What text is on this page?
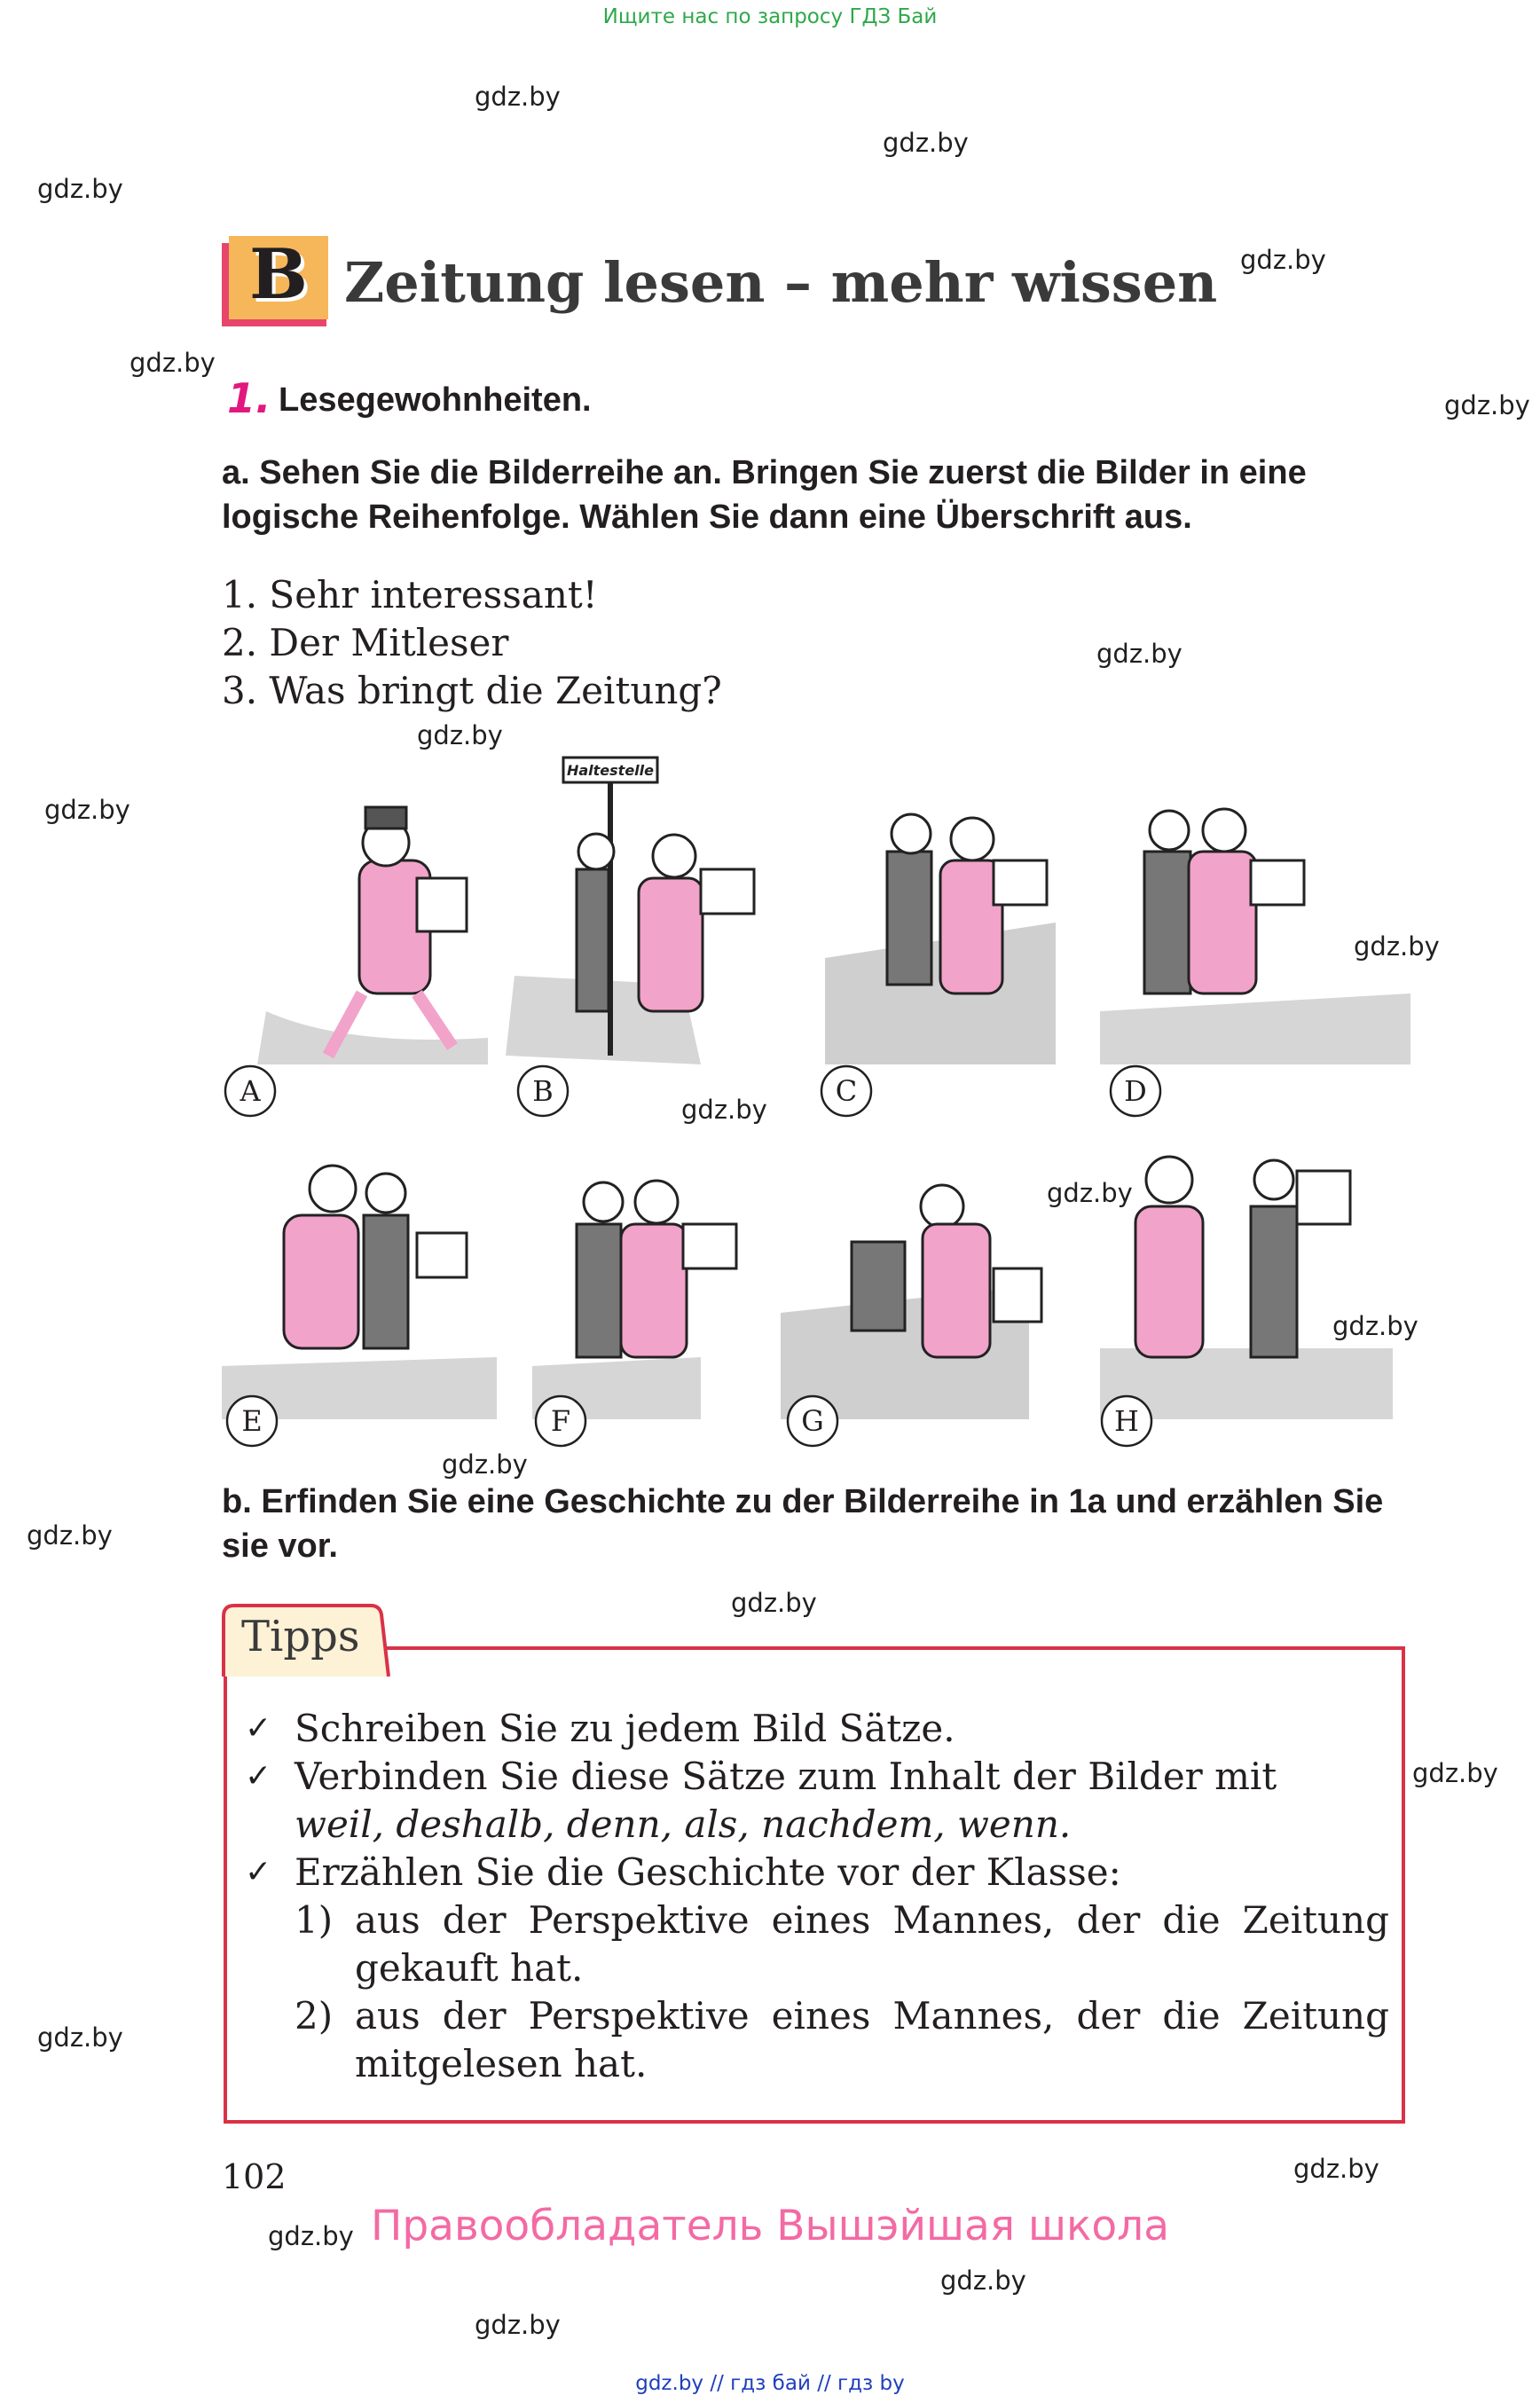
Ищите нас по запросу ГДЗ Бай
gdz.by
gdz.by
gdz.by
gdz.by
gdz.by
gdz.by
gdz.by
gdz.by
gdz.by
gdz.by
gdz.by
gdz.by
gdz.by
gdz.by
gdz.by
gdz.by
gdz.by
gdz.by
gdz.by
gdz.by
gdz.by
gdz.by
B Zeitung lesen – mehr wissen
1. Lesegewohnheiten.
a. Sehen Sie die Bilderreihe an. Bringen Sie zuerst die Bilder in eine logische Reihenfolge. Wählen Sie dann eine Überschrift aus.
1. Sehr interessant!
2. Der Mitleser
3. Was bringt die Zeitung?
Haltestelle
A	B	C	D
E	F	G	H
b. Erfinden Sie eine Geschichte zu der Bilderreihe in 1a und erzählen Sie sie vor.
Tipps
✓ Schreiben Sie zu jedem Bild Sätze.
✓ Verbinden Sie diese Sätze zum Inhalt der Bilder mit
weil, deshalb, denn, als, nachdem, wenn.
✓ Erzählen Sie die Geschichte vor der Klasse:
1) aus der Perspektive eines Mannes, der die Zeitung gekauft hat.
2) aus der Perspektive eines Mannes, der die Zeitung mitgelesen hat.
102
Правообладатель Вышэйшая школа
gdz.by // гдз бай // гдз by
